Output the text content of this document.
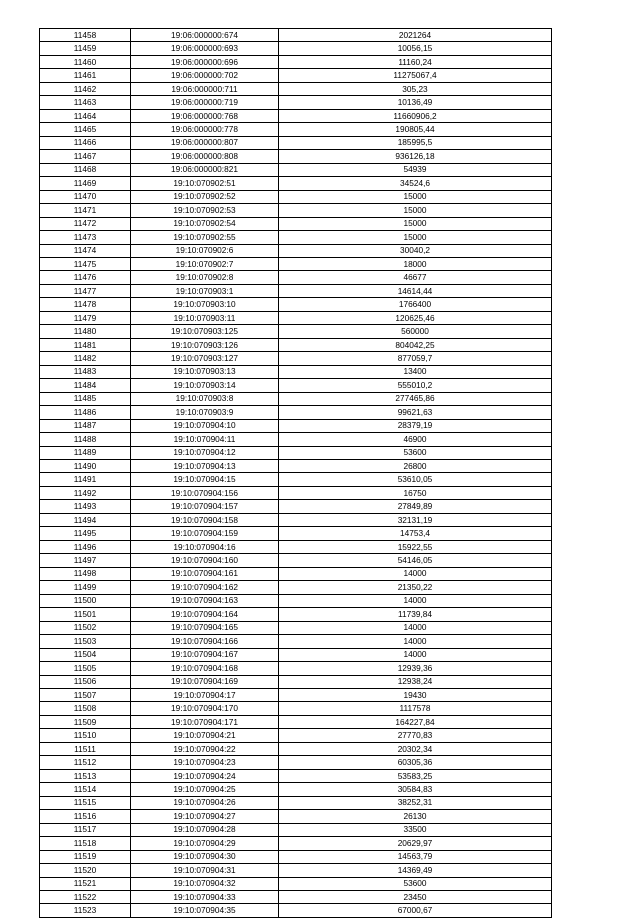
11458	19:06:000000:674	2021264
11459	19:06:000000:693	10056,15
11460	19:06:000000:696	11160,24
11461	19:06:000000:702	11275067,4
11462	19:06:000000:711	305,23
11463	19:06:000000:719	10136,49
11464	19:06:000000:768	11660906,2
11465	19:06:000000:778	190805,44
11466	19:06:000000:807	185995,5
11467	19:06:000000:808	936126,18
11468	19:06:000000:821	54939
11469	19:10:070902:51	34524,6
11470	19:10:070902:52	15000
11471	19:10:070902:53	15000
11472	19:10:070902:54	15000
11473	19:10:070902:55	15000
11474	19:10:070902:6	30040,2
11475	19:10:070902:7	18000
11476	19:10:070902:8	46677
11477	19:10:070903:1	14614,44
11478	19:10:070903:10	1766400
11479	19:10:070903:11	120625,46
11480	19:10:070903:125	560000
11481	19:10:070903:126	804042,25
11482	19:10:070903:127	877059,7
11483	19:10:070903:13	13400
11484	19:10:070903:14	555010,2
11485	19:10:070903:8	277465,86
11486	19:10:070903:9	99621,63
11487	19:10:070904:10	28379,19
11488	19:10:070904:11	46900
11489	19:10:070904:12	53600
11490	19:10:070904:13	26800
11491	19:10:070904:15	53610,05
11492	19:10:070904:156	16750
11493	19:10:070904:157	27849,89
11494	19:10:070904:158	32131,19
11495	19:10:070904:159	14753,4
11496	19:10:070904:16	15922,55
11497	19:10:070904:160	54146,05
11498	19:10:070904:161	14000
11499	19:10:070904:162	21350,22
11500	19:10:070904:163	14000
11501	19:10:070904:164	11739,84
11502	19:10:070904:165	14000
11503	19:10:070904:166	14000
11504	19:10:070904:167	14000
11505	19:10:070904:168	12939,36
11506	19:10:070904:169	12938,24
11507	19:10:070904:17	19430
11508	19:10:070904:170	1117578
11509	19:10:070904:171	164227,84
11510	19:10:070904:21	27770,83
11511	19:10:070904:22	20302,34
11512	19:10:070904:23	60305,36
11513	19:10:070904:24	53583,25
11514	19:10:070904:25	30584,83
11515	19:10:070904:26	38252,31
11516	19:10:070904:27	26130
11517	19:10:070904:28	33500
11518	19:10:070904:29	20629,97
11519	19:10:070904:30	14563,79
11520	19:10:070904:31	14369,49
11521	19:10:070904:32	53600
11522	19:10:070904:33	23450
11523	19:10:070904:35	67000,67
